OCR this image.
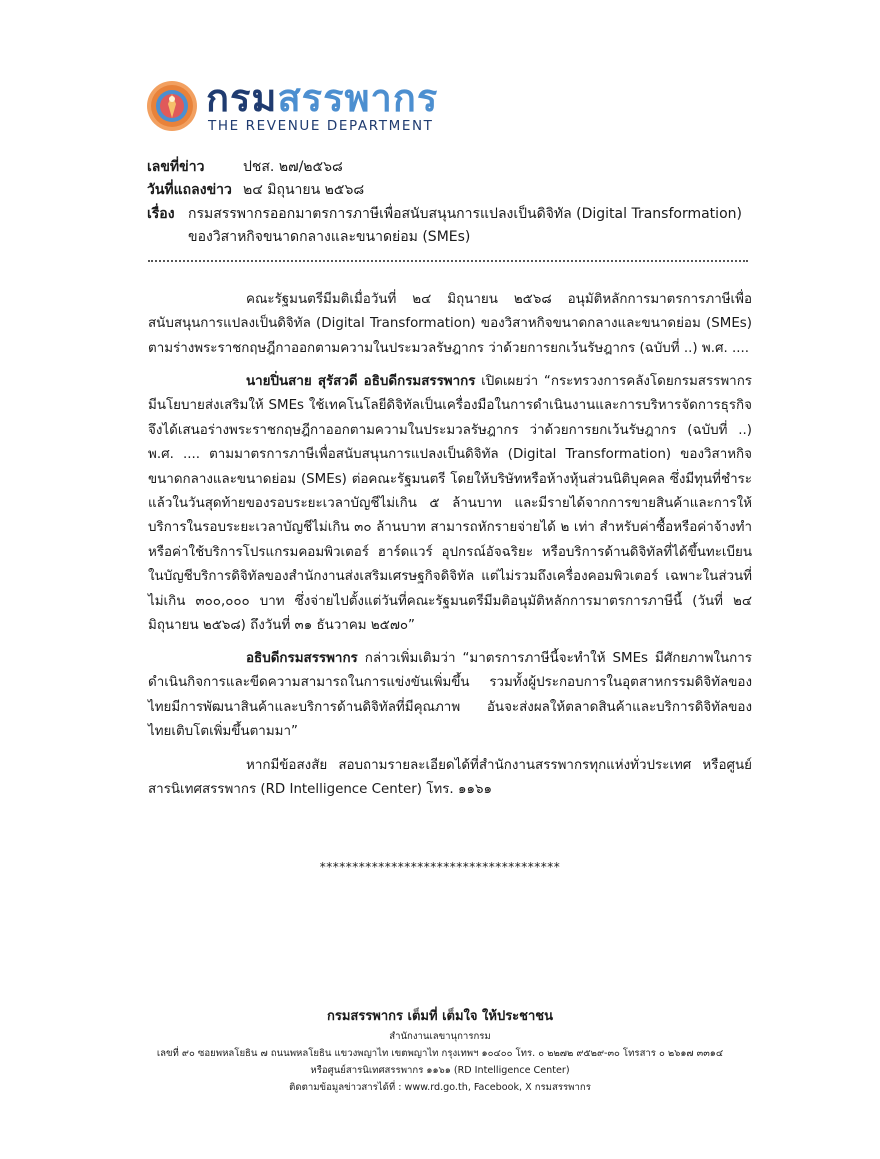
กรมสรรพากร
THE REVENUE DEPARTMENT
เลขที่ข่าว	ปชส. ๒๗/๒๕๖๘
วันที่แถลงข่าว ๒๔ มิถุนายน ๒๕๖๘
เรื่อง กรมสรรพากรออกมาตรการภาษีเพื่อสนับสนุนการแปลงเป็นดิจิทัล (Digital Transformation)
ของวิสาหกิจขนาดกลางและขนาดย่อม (SMEs)
คณะรัฐมนตรีมีมติเมื่อวันที่ ๒๔ มิถุนายน ๒๕๖๘ อนุมัติหลักการมาตรการภาษีเพื่อสนับสนุนการแปลงเป็นดิจิทัล (Digital Transformation) ของวิสาหกิจขนาดกลางและขนาดย่อม (SMEs) ตามร่างพระราชกฤษฎีกาออกตามความในประมวลรัษฎากร ว่าด้วยการยกเว้นรัษฎากร (ฉบับที่ ..) พ.ศ. ....
นายปิ่นสาย สุรัสวดี อธิบดีกรมสรรพากร เปิดเผยว่า “กระทรวงการคลังโดยกรมสรรพากรมีนโยบายส่งเสริมให้ SMEs ใช้เทคโนโลยีดิจิทัลเป็นเครื่องมือในการดำเนินงานและการบริหารจัดการธุรกิจ จึงได้เสนอร่างพระราชกฤษฎีกาออกตามความในประมวลรัษฎากร ว่าด้วยการยกเว้นรัษฎากร (ฉบับที่ ..) พ.ศ. .... ตามมาตรการภาษีเพื่อสนับสนุนการแปลงเป็นดิจิทัล (Digital Transformation) ของวิสาหกิจขนาดกลางและขนาดย่อม (SMEs) ต่อคณะรัฐมนตรี โดยให้บริษัทหรือห้างหุ้นส่วนนิติบุคคล ซึ่งมีทุนที่ชำระแล้วในวันสุดท้ายของรอบระยะเวลาบัญชีไม่เกิน ๕ ล้านบาท และมีรายได้จากการขายสินค้าและการให้บริการในรอบระยะเวลาบัญชีไม่เกิน ๓๐ ล้านบาท สามารถหักรายจ่ายได้ ๒ เท่า สำหรับค่าซื้อหรือค่าจ้างทำหรือค่าใช้บริการโปรแกรมคอมพิวเตอร์ ฮาร์ดแวร์ อุปกรณ์อัจฉริยะ หรือบริการด้านดิจิทัลที่ได้ขึ้นทะเบียนในบัญชีบริการดิจิทัลของสำนักงานส่งเสริมเศรษฐกิจดิจิทัล แต่ไม่รวมถึงเครื่องคอมพิวเตอร์ เฉพาะในส่วนที่ไม่เกิน ๓๐๐,๐๐๐ บาท ซึ่งจ่ายไปตั้งแต่วันที่คณะรัฐมนตรีมีมติอนุมัติหลักการมาตรการภาษีนี้ (วันที่ ๒๔ มิถุนายน ๒๕๖๘) ถึงวันที่ ๓๑ ธันวาคม ๒๕๗๐”
อธิบดีกรมสรรพากร กล่าวเพิ่มเติมว่า “มาตรการภาษีนี้จะทำให้ SMEs มีศักยภาพในการดำเนินกิจการและขีดความสามารถในการแข่งขันเพิ่มขึ้น รวมทั้งผู้ประกอบการในอุตสาหกรรมดิจิทัลของไทยมีการพัฒนาสินค้าและบริการด้านดิจิทัลที่มีคุณภาพ อันจะส่งผลให้ตลาดสินค้าและบริการดิจิทัลของไทยเติบโตเพิ่มขึ้นตามมา”
หากมีข้อสงสัย สอบถามรายละเอียดได้ที่สำนักงานสรรพากรทุกแห่งทั่วประเทศ หรือศูนย์สารนิเทศสรรพากร (RD Intelligence Center) โทร. ๑๑๖๑
*************************************
กรมสรรพากร เต็มที่ เต็มใจ ให้ประชาชน
สำนักงานเลขานุการกรม
เลขที่ ๙๐ ซอยพหลโยธิน ๗ ถนนพหลโยธิน แขวงพญาไท เขตพญาไท กรุงเทพฯ ๑๐๔๐๐ โทร. ๐ ๒๒๗๒ ๙๕๒๙-๓๐ โทรสาร ๐ ๒๖๑๗ ๓๓๑๔
หรือศูนย์สารนิเทศสรรพากร ๑๑๖๑ (RD Intelligence Center)
ติดตามข้อมูลข่าวสารได้ที่ : www.rd.go.th, Facebook, X กรมสรรพากร
